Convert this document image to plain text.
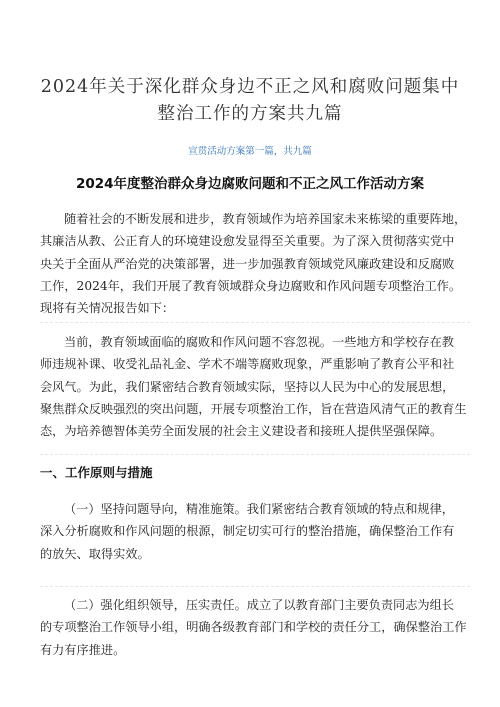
2024年关于深化群众身边不正之风和腐败问题集中
整治工作的方案共九篇

宣贯活动方案第一篇，共九篇

2024年度整治群众身边腐败问题和不正之风工作活动方案

随着社会的不断发展和进步，教育领域作为培养国家未来栋梁的重要阵地，
其廉洁从教、公正育人的环境建设愈发显得至关重要。为了深入贯彻落实党中
央关于全面从严治党的决策部署，进一步加强教育领域党风廉政建设和反腐败
工作，2024年，我们开展了教育领域群众身边腐败和作风问题专项整治工作。
现将有关情况报告如下：

当前，教育领域面临的腐败和作风问题不容忽视。一些地方和学校存在教
师违规补课、收受礼品礼金、学术不端等腐败现象，严重影响了教育公平和社
会风气。为此，我们紧密结合教育领域实际，坚持以人民为中心的发展思想，
聚焦群众反映强烈的突出问题，开展专项整治工作，旨在营造风清气正的教育生
态，为培养德智体美劳全面发展的社会主义建设者和接班人提供坚强保障。

一、工作原则与措施

（一）坚持问题导向，精准施策。我们紧密结合教育领域的特点和规律，
深入分析腐败和作风问题的根源，制定切实可行的整治措施，确保整治工作有
的放矢、取得实效。

（二）强化组织领导，压实责任。成立了以教育部门主要负责同志为组长
的专项整治工作领导小组，明确各级教育部门和学校的责任分工，确保整治工作
有力有序推进。
